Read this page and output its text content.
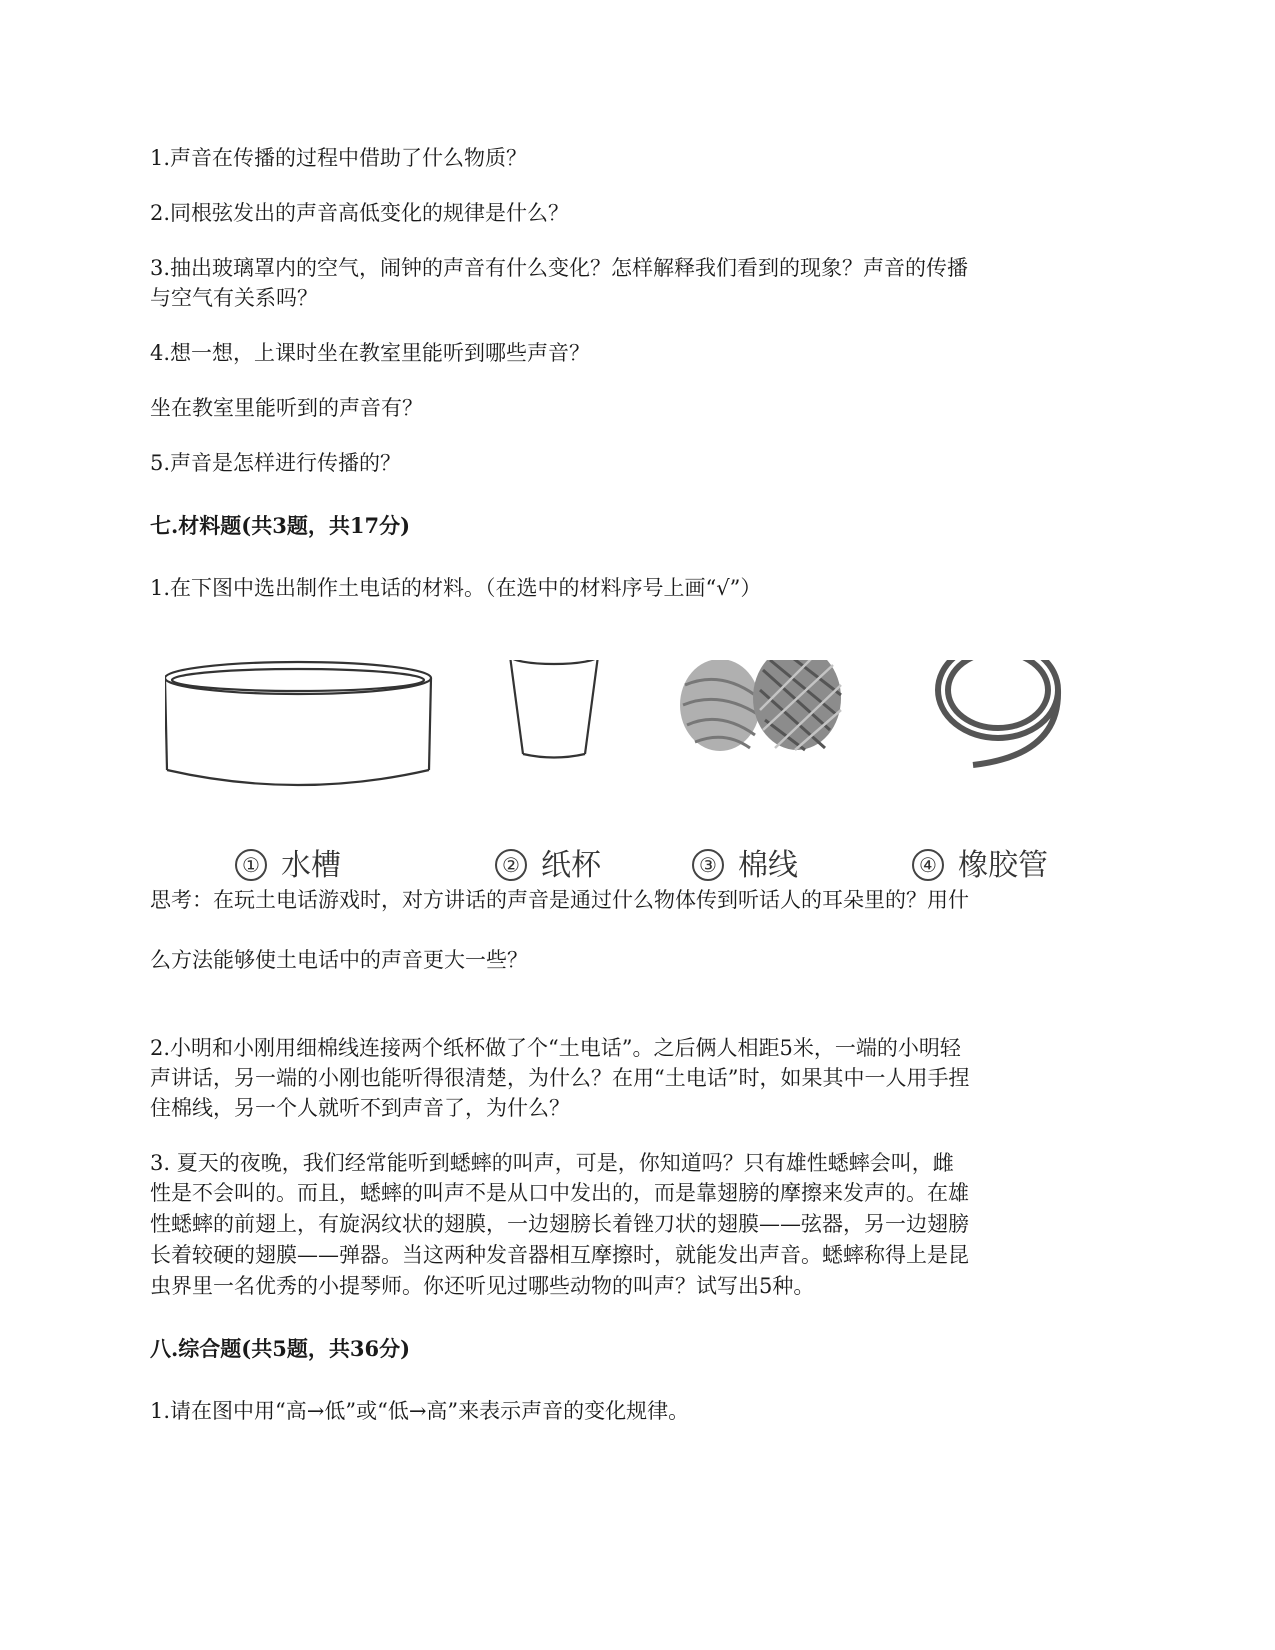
1.声音在传播的过程中借助了什么物质？
2.同根弦发出的声音高低变化的规律是什么？
3.抽出玻璃罩内的空气，闹钟的声音有什么变化？怎样解释我们看到的现象？声音的传播
与空气有关系吗？
4.想一想，上课时坐在教室里能听到哪些声音？
坐在教室里能听到的声音有？
5.声音是怎样进行传播的？
七.材料题(共3题，共17分)
1.在下图中选出制作土电话的材料。（在选中的材料序号上画“√”）
① 水槽	② 纸杯	③ 棉线	④ 橡胶管
思考：在玩土电话游戏时，对方讲话的声音是通过什么物体传到听话人的耳朵里的？用什
么方法能够使土电话中的声音更大一些？
2.小明和小刚用细棉线连接两个纸杯做了个“土电话”。之后俩人相距5米，一端的小明轻
声讲话，另一端的小刚也能听得很清楚，为什么？在用“土电话”时，如果其中一人用手捏
住棉线，另一个人就听不到声音了，为什么？
3. 夏天的夜晚，我们经常能听到蟋蟀的叫声，可是，你知道吗？只有雄性蟋蟀会叫，雌
性是不会叫的。而且，蟋蟀的叫声不是从口中发出的，而是靠翅膀的摩擦来发声的。在雄
性蟋蟀的前翅上，有旋涡纹状的翅膜，一边翅膀长着锉刀状的翅膜——弦器，另一边翅膀
长着较硬的翅膜——弹器。当这两种发音器相互摩擦时，就能发出声音。蟋蟀称得上是昆
虫界里一名优秀的小提琴师。你还听见过哪些动物的叫声？试写出5种。
八.综合题(共5题，共36分)
1.请在图中用“高→低”或“低→高”来表示声音的变化规律。
